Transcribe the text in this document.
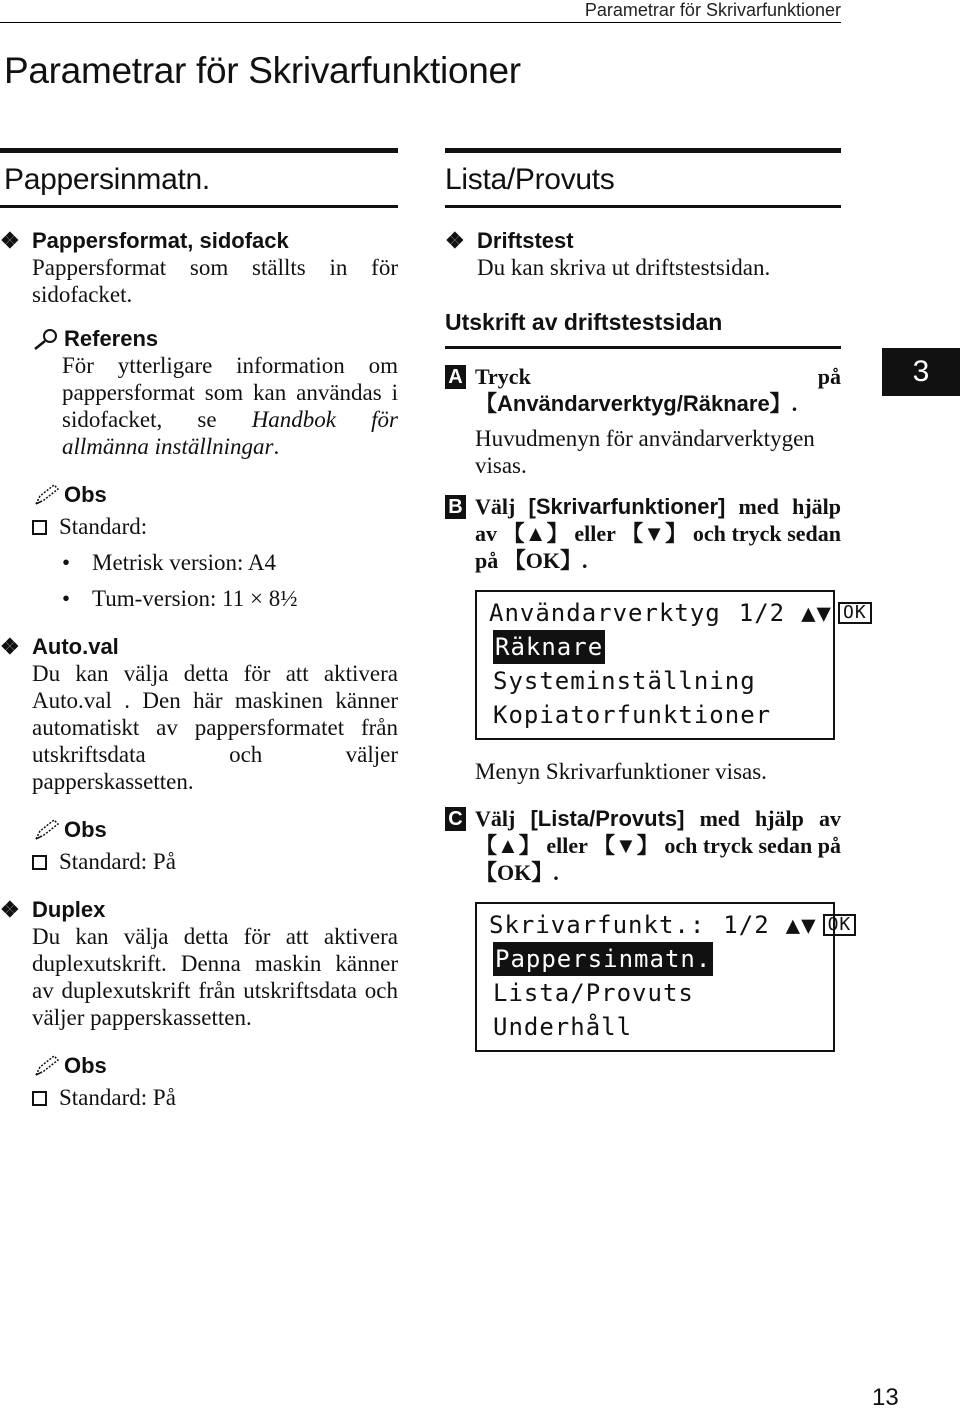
Parametrar för Skrivarfunktioner
Parametrar för Skrivarfunktioner
Pappersinmatn.
❖ Pappersformat, sidofack
Pappersformat som ställts in för sidofacket.
Referens
För ytterligare information om pappersformat som kan användas i sidofacket, se Handbok för allmänna inställningar.
Obs
Standard:
• Metrisk version: A4
• Tum-version: 11 × 8½
❖ Auto.val
Du kan välja detta för att aktivera Auto.val . Den här maskinen känner automatiskt av pappersformatet från utskriftsdata och väljer papperskassetten.
Obs
Standard: På
❖ Duplex
Du kan välja detta för att aktivera duplexutskrift. Denna maskin känner av duplexutskrift från utskriftsdata och väljer papperskassetten.
Obs
Standard: På
Lista/Provuts
❖ Driftstest
Du kan skriva ut driftstestsidan.
Utskrift av driftstestsidan
A Tryck på 【Användarverktyg/Räknare】.
Huvudmenyn för användarverktygen visas.
B Välj [Skrivarfunktioner] med hjälp av 【▲】 eller 【▼】 och tryck sedan på 【OK】.
Användarverktyg 1/2 ▲▼ OK
Räknare
Systeminställning
Kopiatorfunktioner
Menyn Skrivarfunktioner visas.
C Välj [Lista/Provuts] med hjälp av 【▲】 eller 【▼】 och tryck sedan på 【OK】.
Skrivarfunkt.: 1/2 ▲▼ OK
Pappersinmatn.
Lista/Provuts
Underhåll
3
13
